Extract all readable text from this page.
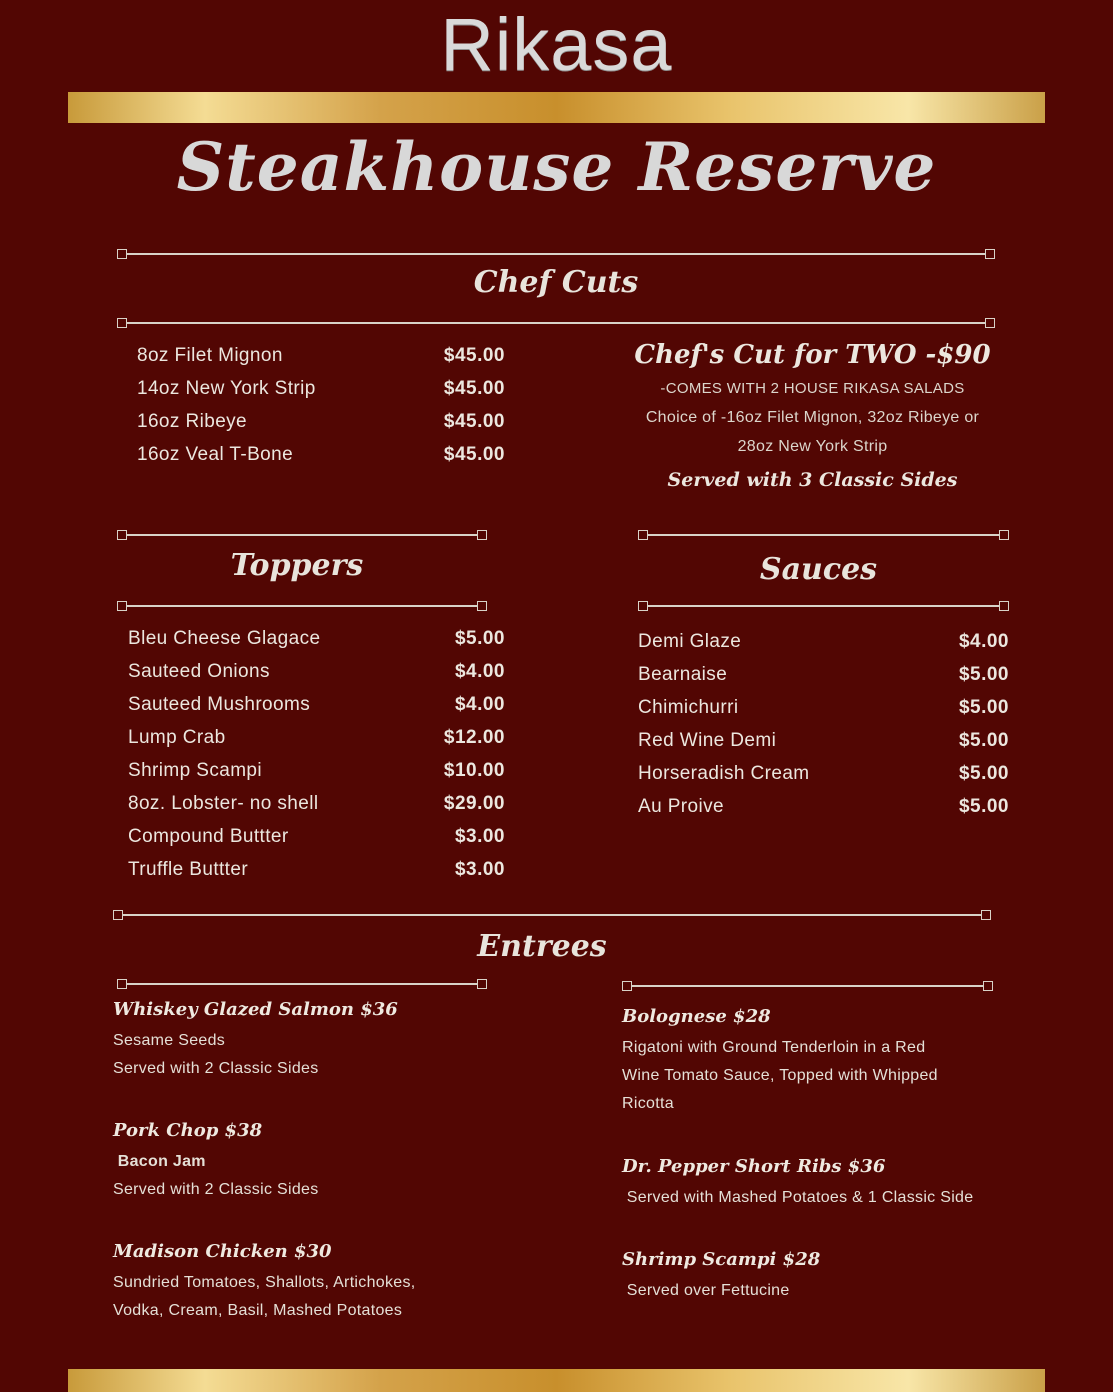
Rikasa
Steakhouse Reserve
Chef Cuts
8oz Filet Mignon	$45.00
14oz New York Strip	$45.00
16oz Ribeye	$45.00
16oz Veal T-Bone	$45.00
Chef's Cut for TWO -$90
-COMES WITH 2 HOUSE RIKASA SALADS
Choice of -16oz Filet Mignon, 32oz Ribeye or
28oz New York Strip
Served with 3 Classic Sides
Toppers
Bleu Cheese Glagace	$5.00
Sauteed Onions	$4.00
Sauteed Mushrooms	$4.00
Lump Crab	$12.00
Shrimp Scampi	$10.00
8oz. Lobster- no shell	$29.00
Compound Buttter	$3.00
Truffle Buttter	$3.00
Sauces
Demi Glaze	$4.00
Bearnaise	$5.00
Chimichurri	$5.00
Red Wine Demi	$5.00
Horseradish Cream	$5.00
Au Proive	$5.00
Entrees
Whiskey Glazed Salmon $36
Sesame Seeds
Served with 2 Classic Sides
Pork Chop $38
Bacon Jam
Served with 2 Classic Sides
Madison Chicken $30
Sundried Tomatoes, Shallots, Artichokes,
Vodka, Cream, Basil, Mashed Potatoes
Bolognese $28
Rigatoni with Ground Tenderloin in a Red
Wine Tomato Sauce, Topped with Whipped
Ricotta
Dr. Pepper Short Ribs $36
Served with Mashed Potatoes & 1 Classic Side
Shrimp Scampi $28
Served over Fettucine
